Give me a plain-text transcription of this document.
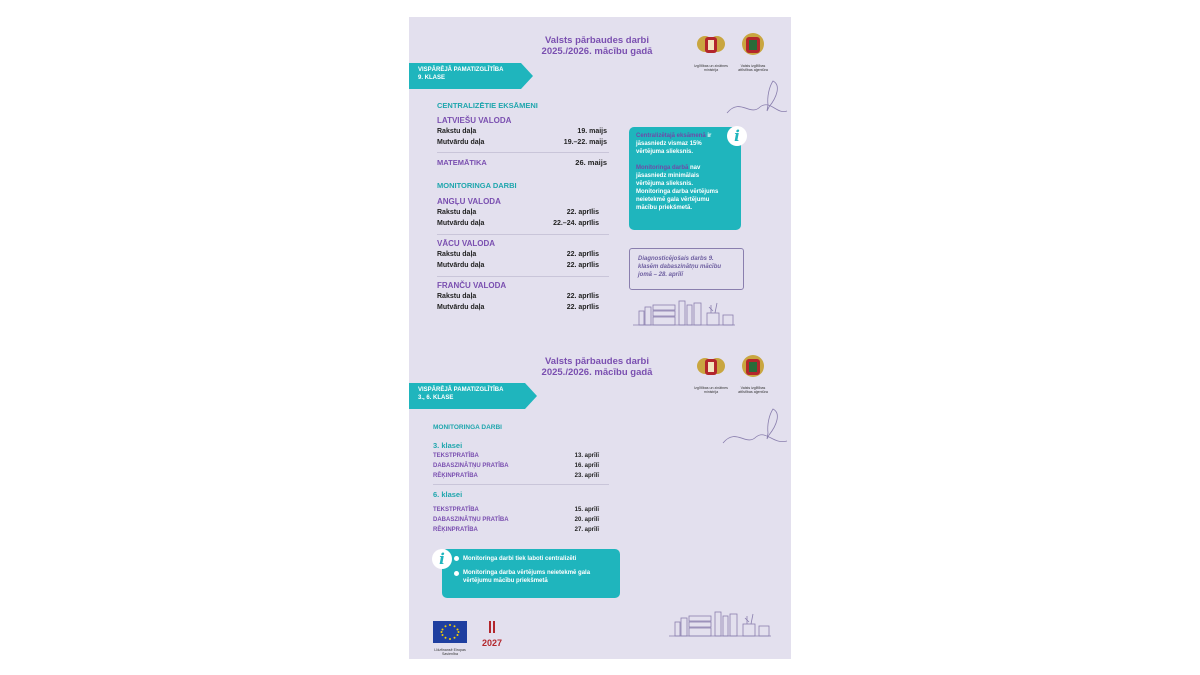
Valsts pārbaudes darbi
2025./2026. mācību gadā
Izglītības un zinātnes ministrija
Valsts izglītības attīstības aģentūra
VISPĀRĒJĀ PAMATIZGLĪTĪBA
9. KLASE
CENTRALIZĒTIE EKSĀMENI
LATVIEŠU VALODA
Rakstu daļa	19. maijs
Mutvārdu daļa	19.–22. maijs
MATEMĀTIKA	26. maijs
MONITORINGA DARBI
ANGĻU VALODA
Rakstu daļa	22. aprīlis
Mutvārdu daļa	22.–24. aprīlis
VĀCU VALODA
Rakstu daļa	22. aprīlis
Mutvārdu daļa	22. aprīlis
FRANČU VALODA
Rakstu daļa	22. aprīlis
Mutvārdu daļa	22. aprīlis
Centralizētajā eksāmenā ir jāsasniedz vismaz 15% vērtējuma slieksnis.
Monitoringa darbā nav jāsasniedz minimālais vērtējuma slieksnis. Monitoringa darba vērtējums neietekmē gala vērtējumu mācību priekšmetā.
i
Diagnosticējošais darbs 9. klasēm dabaszinātņu mācību jomā – 28. aprīlī
Valsts pārbaudes darbi
2025./2026. mācību gadā
Izglītības un zinātnes ministrija
Valsts izglītības attīstības aģentūra
VISPĀRĒJĀ PAMATIZGLĪTĪBA
3., 6. KLASE
MONITORINGA DARBI
3. klasei
TEKSTPRATĪBA	13. aprīlī
DABASZINĀTŅU PRATĪBA	16. aprīlī
RĒĶINPRATĪBA	23. aprīlī
6. klasei
TEKSTPRATĪBA	15. aprīlī
DABASZINĀTŅU PRATĪBA	20. aprīlī
RĒĶINPRATĪBA	27. aprīlī
Monitoringa darbi tiek laboti centralizēti
Monitoringa darba vērtējums neietekmē gala vērtējumu mācību priekšmetā
i
Līdzfinansē Eiropas Savienība
2027
